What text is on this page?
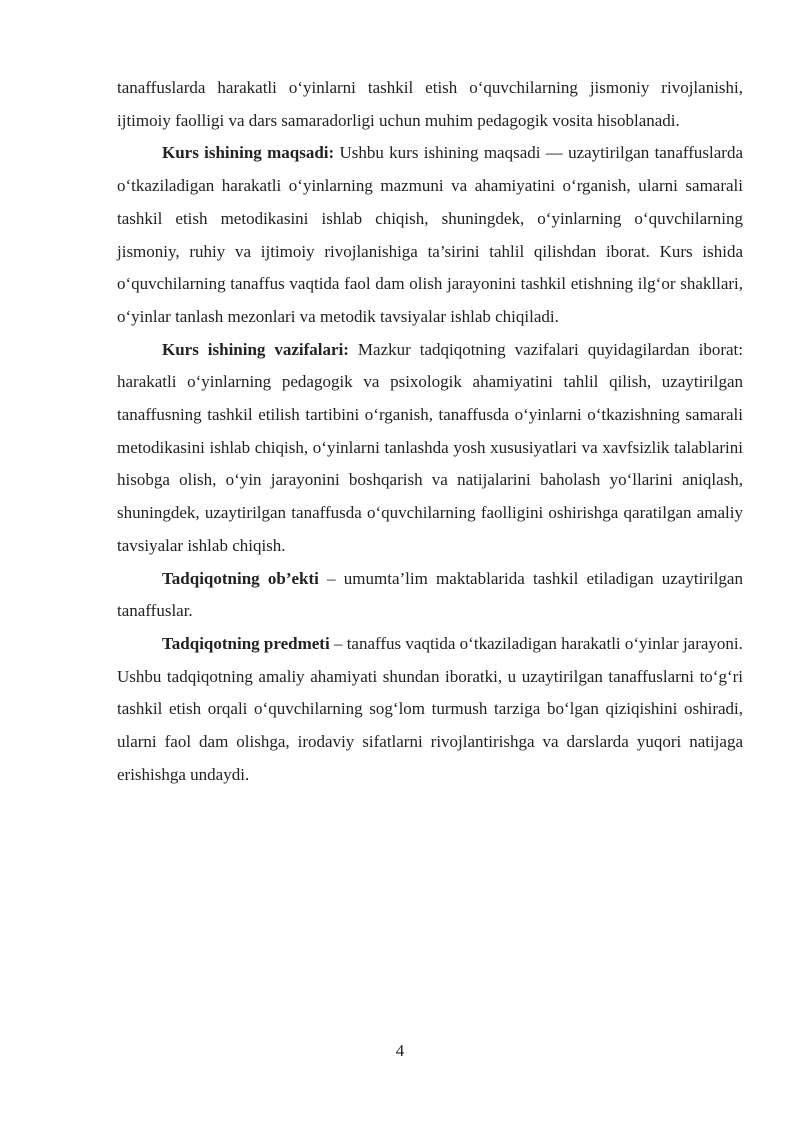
tanaffuslarda harakatli o‘yinlarni tashkil etish o‘quvchilarning jismoniy rivojlanishi, ijtimoiy faolligi va dars samaradorligi uchun muhim pedagogik vosita hisoblanadi.

Kurs ishining maqsadi: Ushbu kurs ishining maqsadi — uzaytirilgan tanaffuslarda o‘tkaziladigan harakatli o‘yinlarning mazmuni va ahamiyatini o‘rganish, ularni samarali tashkil etish metodikasini ishlab chiqish, shuningdek, o‘yinlarning o‘quvchilarning jismoniy, ruhiy va ijtimoiy rivojlanishiga ta’sirini tahlil qilishdan iborat. Kurs ishida o‘quvchilarning tanaffus vaqtida faol dam olish jarayonini tashkil etishning ilg‘or shakllari, o‘yinlar tanlash mezonlari va metodik tavsiyalar ishlab chiqiladi.

Kurs ishining vazifalari: Mazkur tadqiqotning vazifalari quyidagilardan iborat: harakatli o‘yinlarning pedagogik va psixologik ahamiyatini tahlil qilish, uzaytirilgan tanaffusning tashkil etilish tartibini o‘rganish, tanaffusda o‘yinlarni o‘tkazishning samarali metodikasini ishlab chiqish, o‘yinlarni tanlashda yosh xususiyatlari va xavfsizlik talablarini hisobga olish, o‘yin jarayonini boshqarish va natijalarini baholash yo‘llarini aniqlash, shuningdek, uzaytirilgan tanaffusda o‘quvchilarning faolligini oshirishga qaratilgan amaliy tavsiyalar ishlab chiqish.

Tadqiqotning ob’ekti – umumta’lim maktablarida tashkil etiladigan uzaytirilgan tanaffuslar.

Tadqiqotning predmeti – tanaffus vaqtida o‘tkaziladigan harakatli o‘yinlar jarayoni.

Ushbu tadqiqotning amaliy ahamiyati shundan iboratki, u uzaytirilgan tanaffuslarni to‘g‘ri tashkil etish orqali o‘quvchilarning sog‘lom turmush tarziga bo‘lgan qiziqishini oshiradi, ularni faol dam olishga, irodaviy sifatlarni rivojlantirishga va darslarda yuqori natijaga erishishga undaydi.

4
